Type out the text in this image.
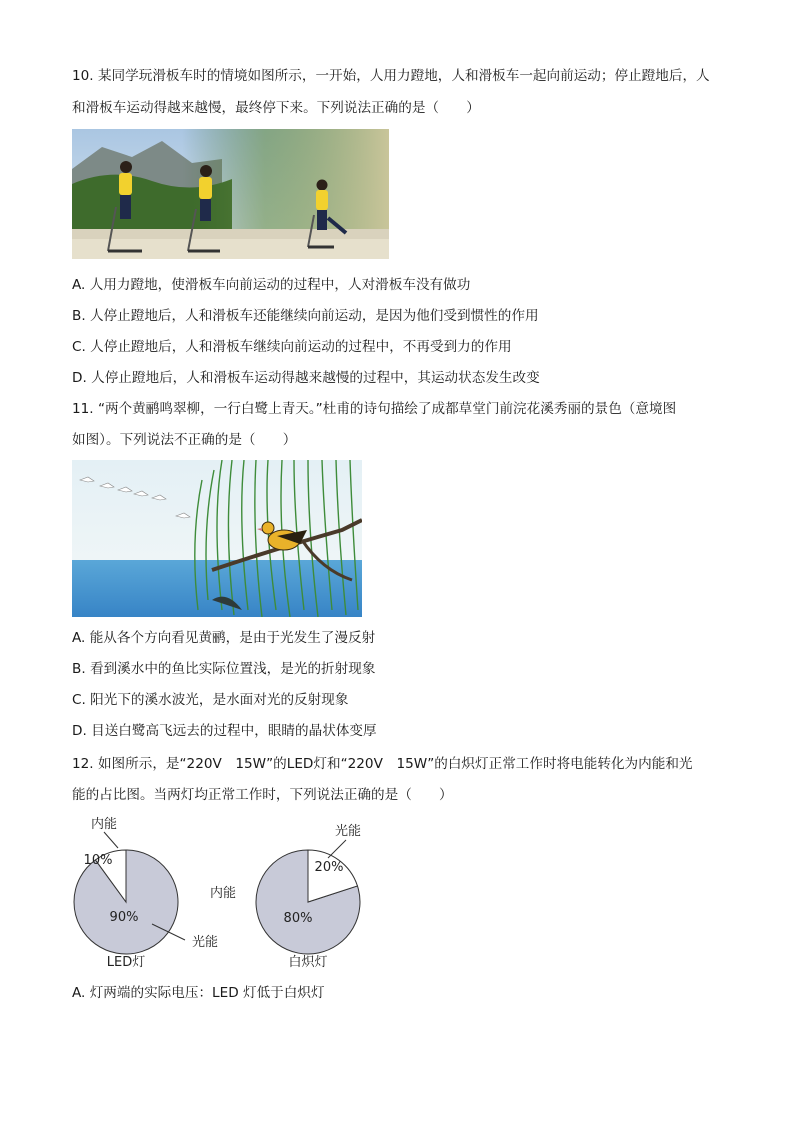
10. 某同学玩滑板车时的情境如图所示，一开始，人用力蹬地，人和滑板车一起向前运动；停止蹬地后，人
和滑板车运动得越来越慢，最终停下来。下列说法正确的是（　　）
A. 人用力蹬地，使滑板车向前运动的过程中，人对滑板车没有做功
B. 人停止蹬地后，人和滑板车还能继续向前运动，是因为他们受到惯性的作用
C. 人停止蹬地后，人和滑板车继续向前运动的过程中，不再受到力的作用
D. 人停止蹬地后，人和滑板车运动得越来越慢的过程中，其运动状态发生改变
11. “两个黄鹂鸣翠柳，一行白鹭上青天。”杜甫的诗句描绘了成都草堂门前浣花溪秀丽的景色（意境图
如图）。下列说法不正确的是（　　）
A. 能从各个方向看见黄鹂，是由于光发生了漫反射
B. 看到溪水中的鱼比实际位置浅，是光的折射现象
C. 阳光下的溪水波光，是水面对光的反射现象
D. 目送白鹭高飞远去的过程中，眼睛的晶状体变厚
12. 如图所示，是“220V　15W”的LED灯和“220V　15W”的白炽灯正常工作时将电能转化为内能和光
能的占比图。当两灯均正常工作时，下列说法正确的是（　　）
10%
90%
内能
光能
LED灯
20%
80%
光能
内能
白炽灯
A. 灯两端的实际电压：LED 灯低于白炽灯
